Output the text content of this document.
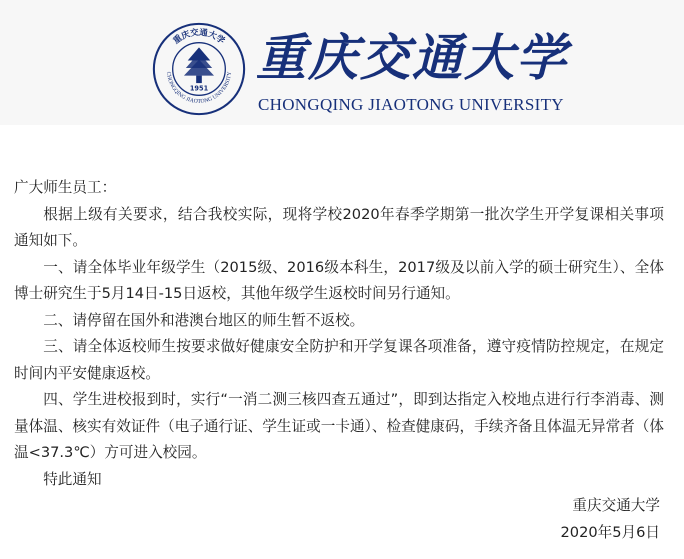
重庆交通大学
CHONGQING JIAOTONG UNIVERSITY
1951
重庆交通大学
CHONGQING JIAOTONG UNIVERSITY

广大师生员工：

根据上级有关要求，结合我校实际，现将学校2020年春季学期第一批次学生开学复课相关事项通知如下。

一、请全体毕业年级学生（2015级、2016级本科生，2017级及以前入学的硕士研究生）、全体博士研究生于5月14日-15日返校，其他年级学生返校时间另行通知。

二、请停留在国外和港澳台地区的师生暂不返校。

三、请全体返校师生按要求做好健康安全防护和开学复课各项准备，遵守疫情防控规定，在规定时间内平安健康返校。

四、学生进校报到时，实行“一消二测三核四查五通过”，即到达指定入校地点进行行李消毒、测量体温、核实有效证件（电子通行证、学生证或一卡通）、检查健康码，手续齐备且体温无异常者（体温<37.3℃）方可进入校园。

特此通知

重庆交通大学

2020年5月6日
